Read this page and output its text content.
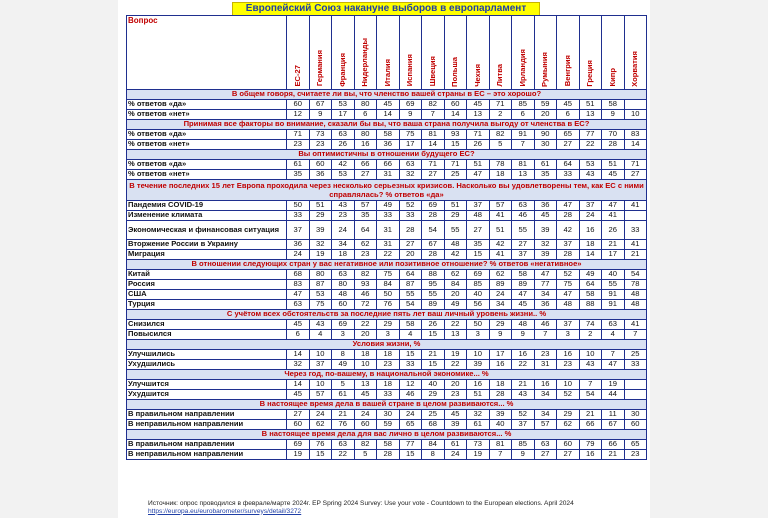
Европейский Союз накануне выборов в европарламент
Вопрос	ЕС-27	Германия	Франция	Нидерланды	Италия	Испания	Швеция	Польша	Чехия	Литва	Ирландия	Румыния	Венгрия	Греция	Кипр	Хорватия
В общем говоря, считаете ли вы, что членство вашей страны в ЕС – это хорошо?																
% ответов «да»	60	67	53	80	45	69	82	60	45	71	85	59	45	51	58	
% ответов «нет»	12	9	17	6	14	9	7	14	13	2	6	20	6	13	9	10
Принимая все факторы во внимание, сказали бы вы, что ваша страна получила выгоду от членства в ЕС?																
% ответов «да»	71	73	63	80	58	75	81	93	71	82	91	90	65	77	70	83
% ответов «нет»	23	23	26	16	36	17	14	15	26	5	7	30	27	22	28	14
Вы оптимистичны в отношении будущего ЕС?																
% ответов «да»	61	60	42	66	66	63	71	71	51	78	81	61	64	53	51	71
% ответов «нет»	35	36	53	27	31	32	27	25	47	18	13	35	33	43	45	27
В течение последних 15 лет Европа проходила через несколько серьезных кризисов. Насколько вы удовлетворены тем, как ЕС с ними справлялась? % ответов «да»																
Пандемия COVID-19	50	51	43	57	49	52	69	51	37	57	63	36	47	37	47	41
Изменение климата	33	29	23	35	33	33	28	29	48	41	46	45	28	24	41	
Экономическая и финансовая ситуация	37	39	24	64	31	28	54	55	27	51	55	39	42	16	26	33
Вторжение России в Украину	36	32	34	62	31	27	67	48	35	42	27	32	37	18	21	41
Миграция	24	19	18	23	22	20	28	42	15	41	37	39	28	14	17	21
В отношении следующих стран у вас негативное или позитивное отношение? % ответов «негативное»																
Китай	68	80	63	82	75	64	88	62	69	62	58	47	52	49	40	54
Россия	83	87	80	93	84	87	95	84	85	89	89	77	75	64	55	78
США	47	53	48	46	50	55	55	20	40	24	47	34	47	58	91	48
Турция	63	75	60	72	76	54	89	49	56	34	45	36	48	88	91	48
С учётом всех обстоятельств за последние пять лет ваш личный уровень жизни.. %																
Снизился	45	43	69	22	29	58	26	22	50	29	48	46	37	74	63	41
Повысился	6	4	3	20	3	4	15	13	3	9	9	7	3	2	4	7
Условия жизни, %																
Улучшились	14	10	8	18	18	15	21	19	10	17	16	23	16	10	7	25
Ухудшились	32	37	49	10	23	33	15	22	39	16	22	31	23	43	47	33
Через год, по-вашему, в национальной экономике... %																
Улучшится	14	10	5	13	18	12	40	20	16	18	21	16	10	7	19	
Ухудшится	45	57	61	45	33	46	29	23	51	28	43	34	52	54	44	
В настоящее время дела в вашей стране в целом развиваются... %																
В правильном направлении	27	24	21	24	30	24	25	45	32	39	52	34	29	21	11	30
В неправильном направлении	60	62	76	60	59	65	68	39	61	40	37	57	62	66	67	60
В настоящее время дела для вас лично в целом развиваются... %																
В правильном направлении	69	76	63	82	58	77	84	61	73	81	85	63	60	79	66	65
В неправильном направлении	19	15	22	5	28	15	8	24	19	7	9	27	27	16	21	23
Источник: опрос проводился в феврале/марте 2024г. EP Spring 2024 Survey: Use your vote - Countdown to the European elections. April 2024
https://europa.eu/eurobarometer/surveys/detail/3272
